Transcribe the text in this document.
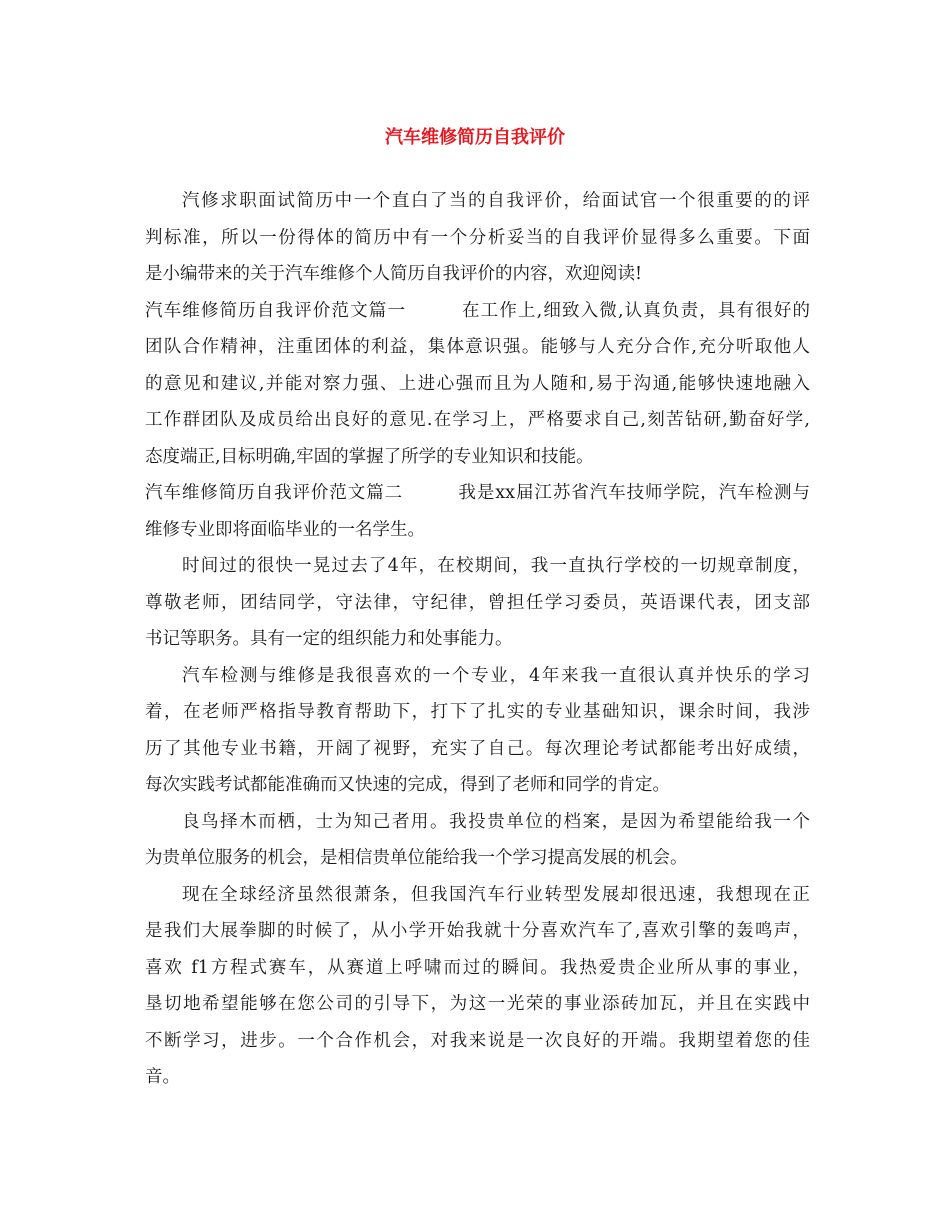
汽车维修简历自我评价
汽修求职面试简历中一个直白了当的自我评价，给面试官一个很重要的的评
判标准，所以一份得体的简历中有一个分析妥当的自我评价显得多么重要。下面
是小编带来的关于汽车维修个人简历自我评价的内容，欢迎阅读!
汽车维修简历自我评价范文篇一　　　在工作上,细致入微,认真负责，具有很好的
团队合作精神，注重团体的利益，集体意识强。能够与人充分合作,充分听取他人
的意见和建议,并能对察力强、上进心强而且为人随和,易于沟通,能够快速地融入
工作群团队及成员给出良好的意见.在学习上，严格要求自己,刻苦钻研,勤奋好学,
态度端正,目标明确,牢固的掌握了所学的专业知识和技能。
汽车维修简历自我评价范文篇二　　　我是xx届江苏省汽车技师学院，汽车检测与
维修专业即将面临毕业的一名学生。
时间过的很快一晃过去了4年，在校期间，我一直执行学校的一切规章制度，
尊敬老师，团结同学，守法律，守纪律，曾担任学习委员，英语课代表，团支部
书记等职务。具有一定的组织能力和处事能力。
汽车检测与维修是我很喜欢的一个专业，4年来我一直很认真并快乐的学习
着，在老师严格指导教育帮助下，打下了扎实的专业基础知识，课余时间，我涉
历了其他专业书籍，开阔了视野，充实了自己。每次理论考试都能考出好成绩，
每次实践考试都能准确而又快速的完成，得到了老师和同学的肯定。
良鸟择木而栖，士为知己者用。我投贵单位的档案，是因为希望能给我一个
为贵单位服务的机会，是相信贵单位能给我一个学习提高发展的机会。
现在全球经济虽然很萧条，但我国汽车行业转型发展却很迅速，我想现在正
是我们大展拳脚的时候了，从小学开始我就十分喜欢汽车了,喜欢引擎的轰鸣声，
喜欢 f1方程式赛车，从赛道上呼啸而过的瞬间。我热爱贵企业所从事的事业，
垦切地希望能够在您公司的引导下，为这一光荣的事业添砖加瓦，并且在实践中
不断学习，进步。一个合作机会，对我来说是一次良好的开端。我期望着您的佳
音。
